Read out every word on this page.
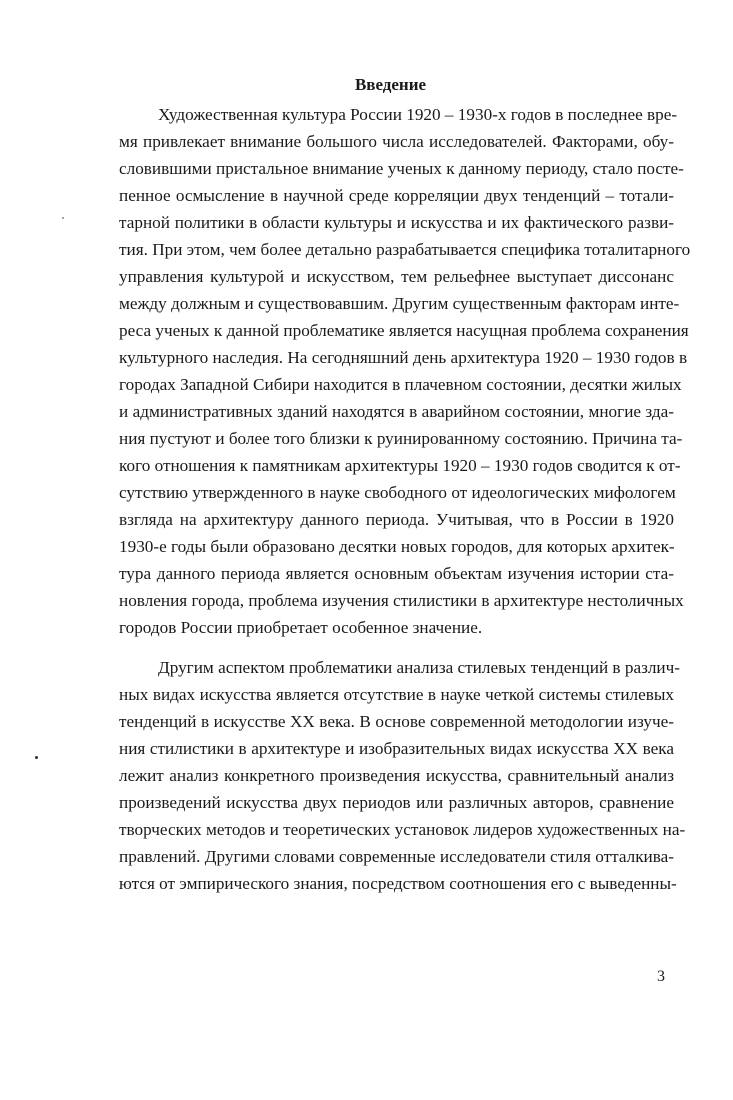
Введение
Художественная культура России 1920 – 1930-х годов в последнее вре-
мя привлекает внимание большого числа исследователей. Факторами, обу-
словившими пристальное внимание ученых к данному периоду, стало посте-
пенное осмысление в научной среде корреляции двух тенденций – тотали-
тарной политики в области культуры и искусства и их фактического разви-
тия. При этом, чем более детально разрабатывается специфика тоталитарного
управления культурой и искусством, тем рельефнее выступает диссонанс
между должным и существовавшим. Другим существенным факторам инте-
реса ученых к данной проблематике является насущная проблема сохранения
культурного наследия. На сегодняшний день архитектура 1920 – 1930 годов в
городах Западной Сибири находится в плачевном состоянии, десятки жилых
и административных зданий находятся в аварийном состоянии, многие зда-
ния пустуют и более того близки к руинированному состоянию. Причина та-
кого отношения к памятникам архитектуры 1920 – 1930 годов сводится к от-
сутствию утвержденного в науке свободного от идеологических мифологем
взгляда на архитектуру данного периода. Учитывая, что в России в 1920
1930-е годы были образовано десятки новых городов, для которых архитек-
тура данного периода является основным объектам изучения истории ста-
новления города, проблема изучения стилистики в архитектуре нестоличных
городов России приобретает особенное значение.
Другим аспектом проблематики анализа стилевых тенденций в различ-
ных видах искусства является отсутствие в науке четкой системы стилевых
тенденций в искусстве XX века. В основе современной методологии изуче-
ния стилистики в архитектуре и изобразительных видах искусства XX века
лежит анализ конкретного произведения искусства, сравнительный анализ
произведений искусства двух периодов или различных авторов, сравнение
творческих методов и теоретических установок лидеров художественных на-
правлений. Другими словами современные исследователи стиля отталкива-
ются от эмпирического знания, посредством соотношения его с выведенны-
3
